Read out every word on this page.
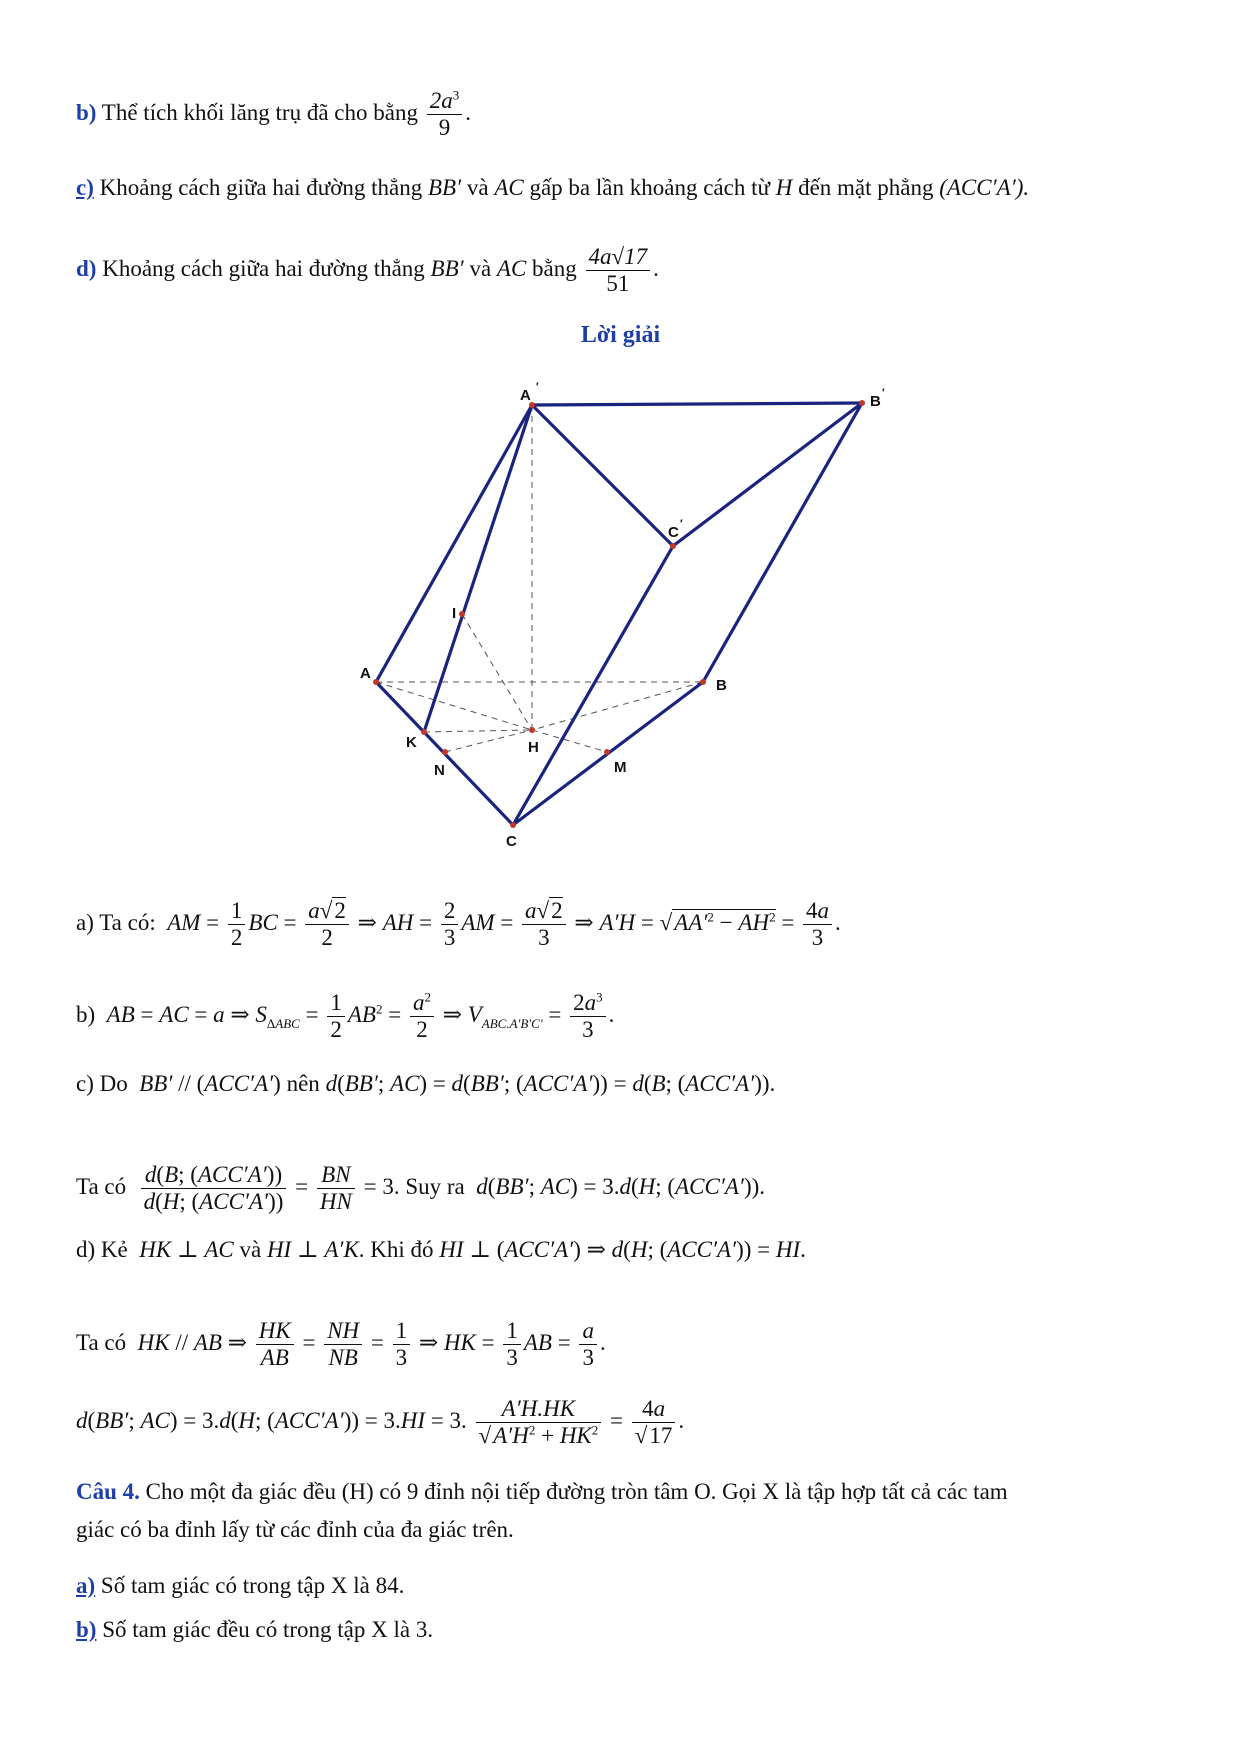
b) Thể tích khối lăng trụ đã cho bằng $\frac{2a^3}{9}$ .
c) Khoảng cách giữa hai đường thẳng BB′ và AC gấp ba lần khoảng cách từ H đến mặt phẳng (ACC′A′).
d) Khoảng cách giữa hai đường thẳng BB′ và AC bằng $\frac{4a√17}{51}$ .
Lời giải
A ′
B ′
C ′
I
A
B
K	H
N	M
C
a) Ta có: AM = $\frac{1}{2}$ BC = $\frac{a√2}{2}$ ⇒ AH = $\frac{2}{3}$ AM = $\frac{a√2}{3}$ ⇒ $A'H = √AA'^2 - AH^2 = \frac{4a}{3}$ .
b) AB = AC = a ⇒ $S_{\Delta ABC} = \frac{1}{2} AB^2 = \frac{a^2}{2}$ ⇒ $V_{ABC.A'B'C'} = \frac{2a^3}{3}$ .
c) Do BB′ // (ACC′A′) nên d(BB′; AC) = d(BB′; (ACC′A′)) = d(B; (ACC′A′)).
Ta có $\frac{\text{d(B; (ACC′A′))}}{\text{d(H; (ACC′A′))}} = \frac{BN}{HN} = 3$. Suy ra d(BB′; AC) = 3.d(H; (ACC′A′)).
d) Kẻ HK ⊥ AC và HI ⊥ A′K. Khi đó HI ⊥ (ACC′A′) ⇒ d(H; (ACC′A′)) = HI.
Ta có HK // AB ⇒ $\frac{HK}{AB} = \frac{NH}{NB} = \frac{1}{3}$ ⇒ HK = $\frac{1}{3}$ AB = $\frac{a}{3}$ .
d(BB′; AC) = 3.d(H; (ACC′A′)) = 3.HI = 3. $\frac{A'H.HK}{√A'H^2 + HK^2} = \frac{4a}{√17}$ .
Câu 4. Cho một đa giác đều (H) có 9 đỉnh nội tiếp đường tròn tâm O. Gọi X là tập hợp tất cả các tam
giác có ba đỉnh lấy từ các đỉnh của đa giác trên.
a) Số tam giác có trong tập X là 84.
b) Số tam giác đều có trong tập X là 3.
